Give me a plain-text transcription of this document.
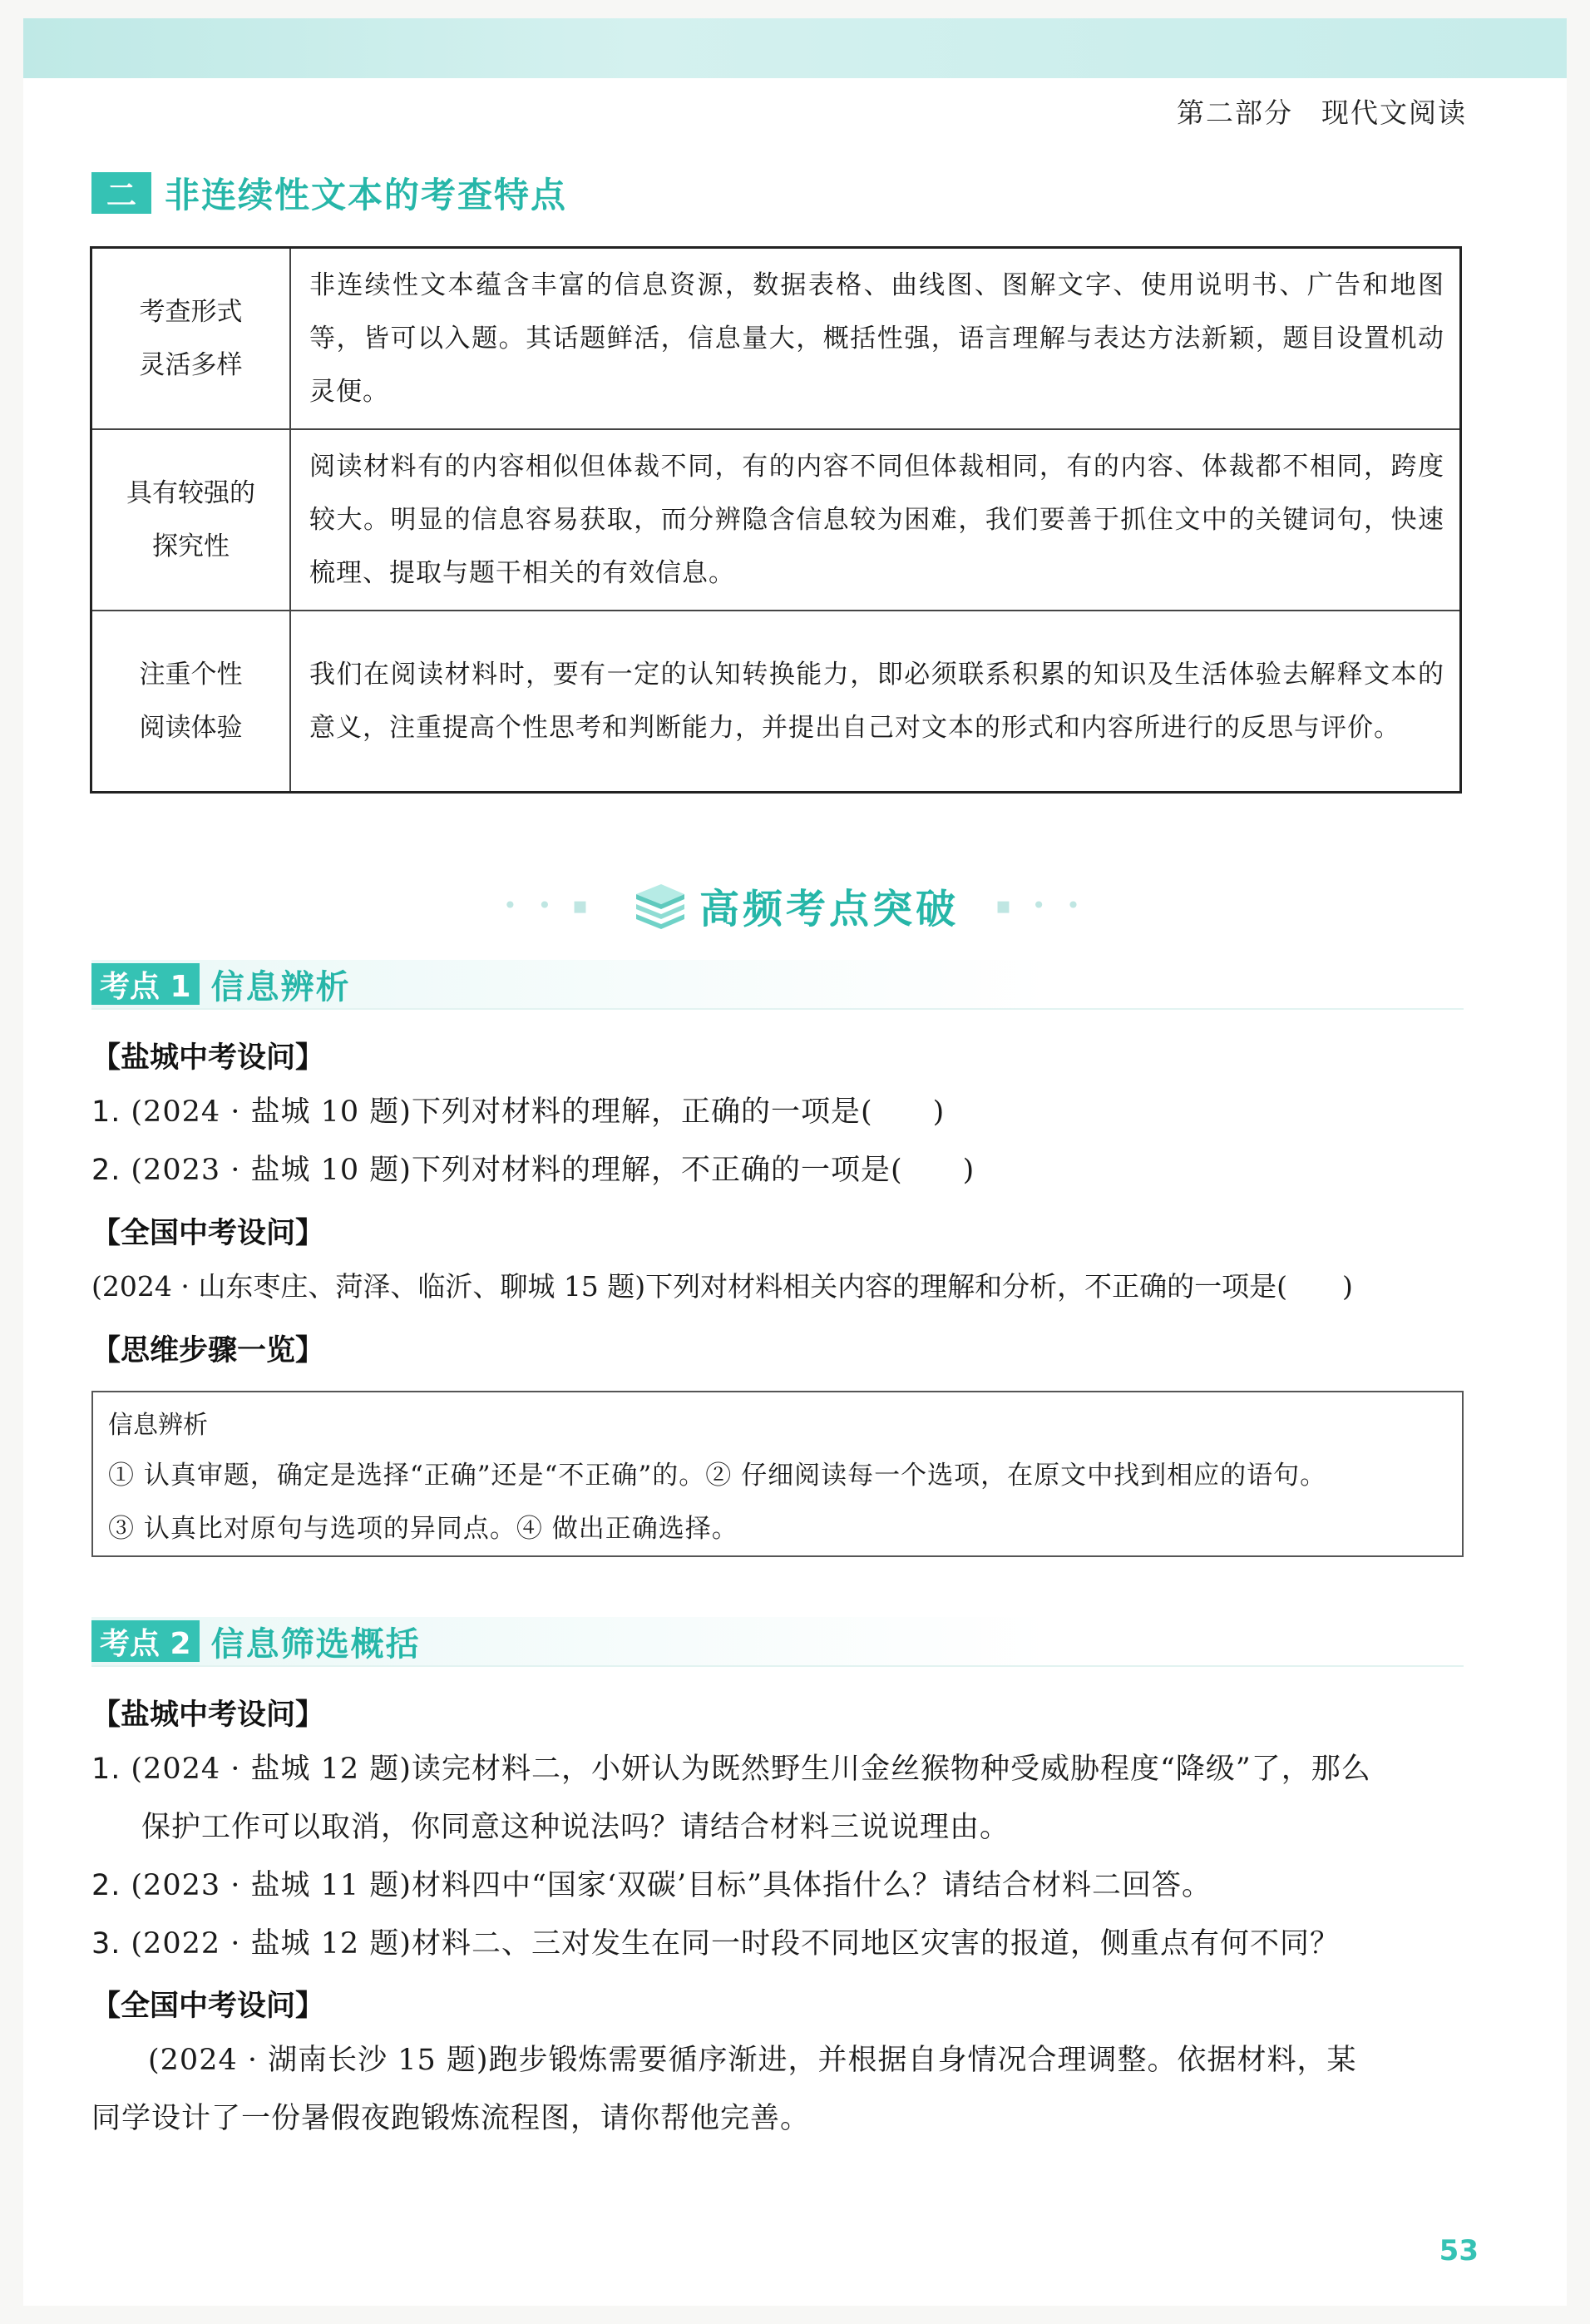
第二部分 现代文阅读
二 非连续性文本的考查特点

考查形式
灵活多样	非连续性文本蕴含丰富的信息资源，数据表格、曲线图、图解文字、使用说明书、广告和地图等，皆可以入题。其话题鲜活，信息量大，概括性强，语言理解与表达方法新颖，题目设置机动灵便。

具有较强的
探究性	阅读材料有的内容相似但体裁不同，有的内容不同但体裁相同，有的内容、体裁都不相同，跨度较大。明显的信息容易获取，而分辨隐含信息较为困难，我们要善于抓住文中的关键词句，快速梳理、提取与题干相关的有效信息。

注重个性
阅读体验	我们在阅读材料时，要有一定的认知转换能力，即必须联系积累的知识及生活体验去解释文本的意义，注重提高个性思考和判断能力，并提出自己对文本的形式和内容所进行的反思与评价。
• • ▪	高频考点突破 ▪ • •
考点 1 信息辨析
【盐城中考设问】
1. (2024 · 盐城 10 题)下列对材料的理解，正确的一项是(　　)
2. (2023 · 盐城 10 题)下列对材料的理解，不正确的一项是(　　)
【全国中考设问】
(2024 · 山东枣庄、菏泽、临沂、聊城 15 题)下列对材料相关内容的理解和分析，不正确的一项是(　　)

【思维步骤一览】
信息辨析
① 认真审题，确定是选择“正确”还是“不正确”的。② 仔细阅读每一个选项，在原文中找到相应的语句。
③ 认真比对原句与选项的异同点。④ 做出正确选择。
考点 2 信息筛选概括
【盐城中考设问】
1. (2024 · 盐城 12 题)读完材料二，小妍认为既然野生川金丝猴物种受威胁程度“降级”了，那么
保护工作可以取消，你同意这种说法吗？请结合材料三说说理由。
2. (2023 · 盐城 11 题)材料四中“国家‘双碳’目标”具体指什么？请结合材料二回答。
3. (2022 · 盐城 12 题)材料二、三对发生在同一时段不同地区灾害的报道，侧重点有何不同？
【全国中考设问】
(2024 · 湖南长沙 15 题)跑步锻炼需要循序渐进，并根据自身情况合理调整。依据材料，某
同学设计了一份暑假夜跑锻炼流程图，请你帮他完善。
53
